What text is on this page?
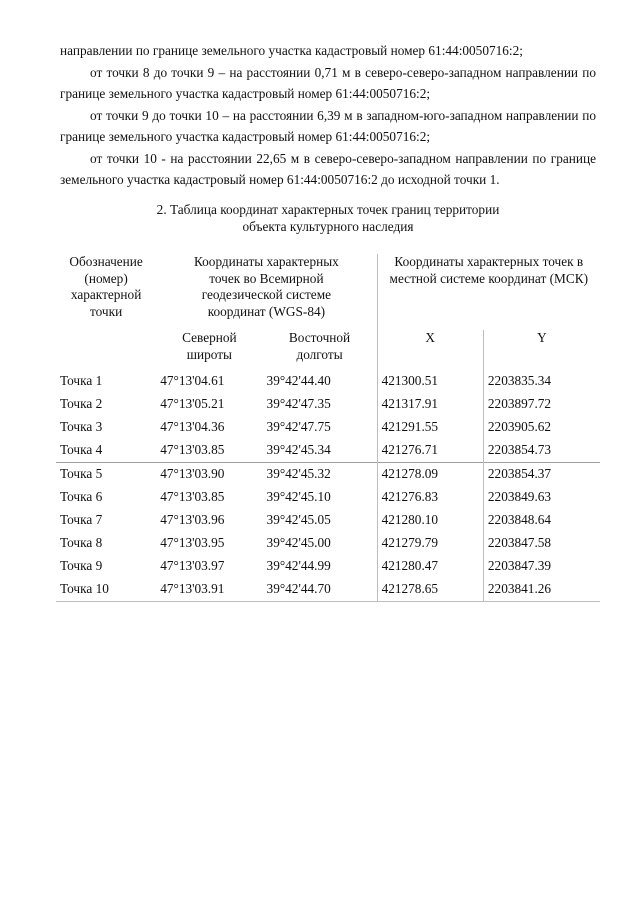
направлении по границе земельного участка кадастровый номер 61:44:0050716:2;

от точки 8 до точки 9 – на расстоянии 0,71 м в северо-северо-западном направлении по границе земельного участка кадастровый номер 61:44:0050716:2;

от точки 9 до точки 10 – на расстоянии 6,39 м в западном-юго-западном направлении по границе земельного участка кадастровый номер 61:44:0050716:2;

от точки 10 - на расстоянии 22,65 м в северо-северо-западном направлении по границе земельного участка кадастровый номер 61:44:0050716:2 до исходной точки 1.

2. Таблица координат характерных точек границ территории
объекта культурного наследия
Обозначение (номер) характерной точки	Координаты характерных точек во Всемирной геодезической системе координат (WGS-84)		Координаты характерных точек в местной системе координат (МСК)	

	Северной широты	Восточной долготы	X	Y
Точка 1	47°13'04.61	39°42'44.40	421300.51	2203835.34
Точка 2	47°13'05.21	39°42'47.35	421317.91	2203897.72
Точка 3	47°13'04.36	39°42'47.75	421291.55	2203905.62
Точка 4	47°13'03.85	39°42'45.34	421276.71	2203854.73
Точка 5	47°13'03.90	39°42'45.32	421278.09	2203854.37
Точка 6	47°13'03.85	39°42'45.10	421276.83	2203849.63
Точка 7	47°13'03.96	39°42'45.05	421280.10	2203848.64
Точка 8	47°13'03.95	39°42'45.00	421279.79	2203847.58
Точка 9	47°13'03.97	39°42'44.99	421280.47	2203847.39
Точка 10	47°13'03.91	39°42'44.70	421278.65	2203841.26
